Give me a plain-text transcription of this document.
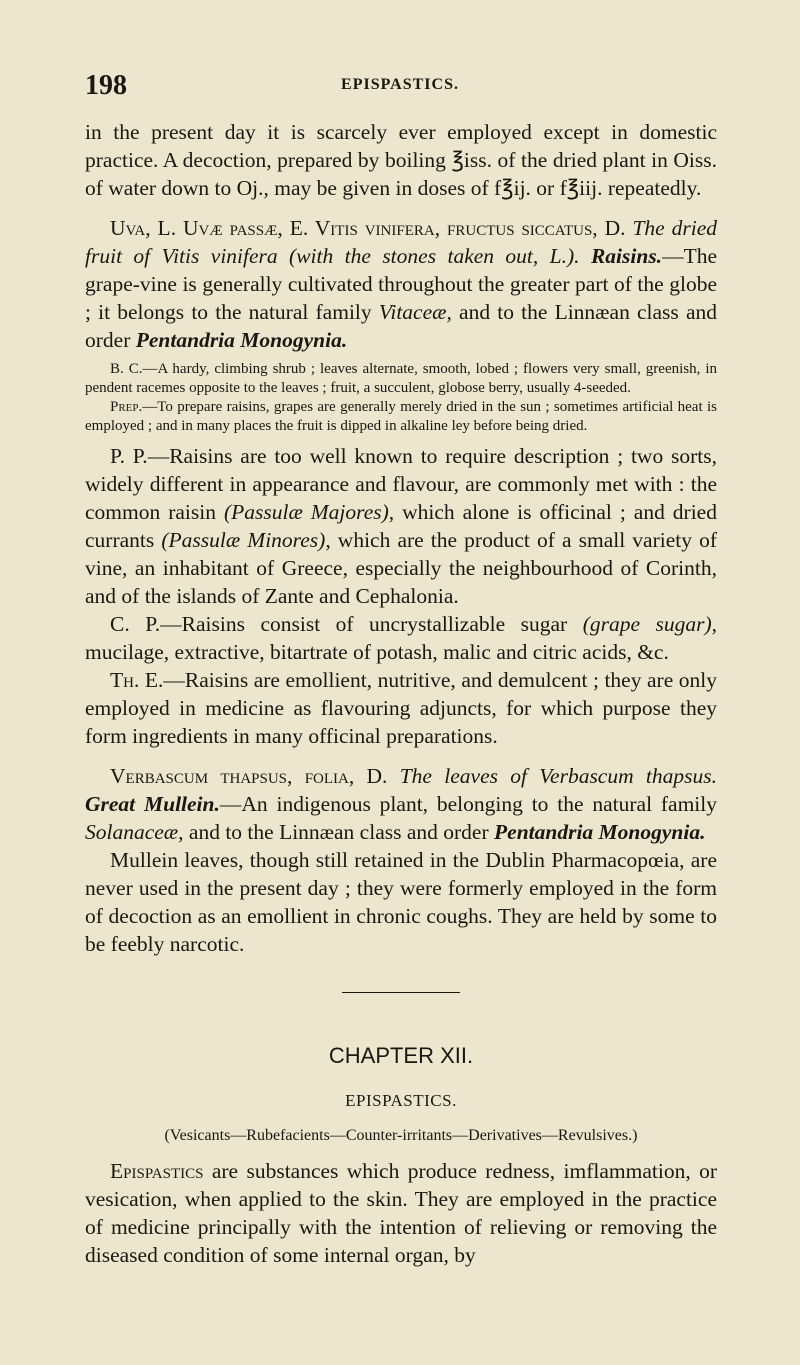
198	EPISPASTICS.

in the present day it is scarcely ever employed except in domestic practice. A decoction, prepared by boiling ℥iss. of the dried plant in Oiss. of water down to Oj., may be given in doses of f℥ij. or f℥iij. repeatedly.

Uva, L. Uvæ passæ, E. Vitis vinifera, fructus siccatus, D. The dried fruit of Vitis vinifera (with the stones taken out, L.). Raisins.—The grape-vine is generally cultivated throughout the greater part of the globe ; it belongs to the natural family Vitaceæ, and to the Linnæan class and order Pentandria Monogynia.

B. C.—A hardy, climbing shrub ; leaves alternate, smooth, lobed ; flowers very small, greenish, in pendent racemes opposite to the leaves ; fruit, a succulent, globose berry, usually 4-seeded.

Prep.—To prepare raisins, grapes are generally merely dried in the sun ; sometimes artificial heat is employed ; and in many places the fruit is dipped in alkaline ley before being dried.

P. P.—Raisins are too well known to require description ; two sorts, widely different in appearance and flavour, are commonly met with : the common raisin (Passulæ Majores), which alone is officinal ; and dried currants (Passulæ Minores), which are the product of a small variety of vine, an inhabitant of Greece, especially the neighbourhood of Corinth, and of the islands of Zante and Cephalonia.

C. P.—Raisins consist of uncrystallizable sugar (grape sugar), mucilage, extractive, bitartrate of potash, malic and citric acids, &c.

Th. E.—Raisins are emollient, nutritive, and demulcent ; they are only employed in medicine as flavouring adjuncts, for which purpose they form ingredients in many officinal preparations.

Verbascum thapsus, folia, D. The leaves of Verbascum thapsus. Great Mullein.—An indigenous plant, belonging to the natural family Solanaceæ, and to the Linnæan class and order Pentandria Monogynia.

Mullein leaves, though still retained in the Dublin Pharmacopœia, are never used in the present day ; they were formerly employed in the form of decoction as an emollient in chronic coughs. They are held by some to be feebly narcotic.

CHAPTER XII.
EPISPASTICS.
(Vesicants—Rubefacients—Counter-irritants—Derivatives—Revulsives.)

Epispastics are substances which produce redness, imflammation, or vesication, when applied to the skin. They are employed in the practice of medicine principally with the intention of relieving or removing the diseased condition of some internal organ, by
